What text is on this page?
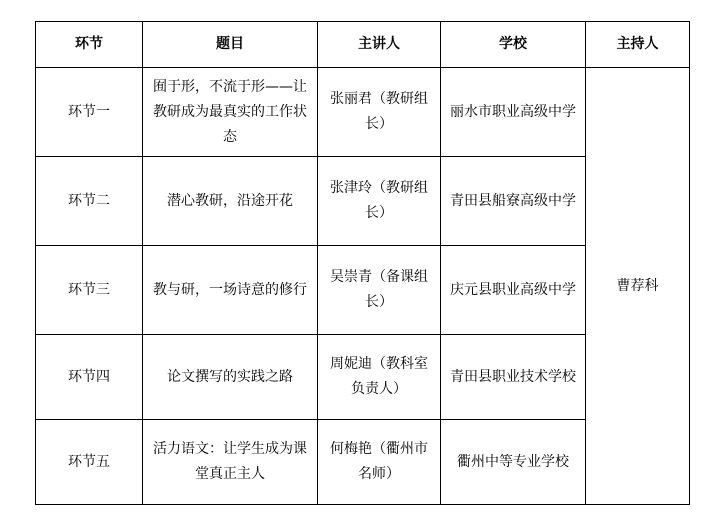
环节	题目	主讲人	学校	主持人
环节一	囿于形，不流于形——让教研成为最真实的工作状态	张丽君（教研组长）	丽水市职业高级中学	曹荐科
环节二	潜心教研，沿途开花	张津玲（教研组长）	青田县船寮高级中学	
环节三	教与研，一场诗意的修行	吴崇青（备课组长）	庆元县职业高级中学	
环节四	论文撰写的实践之路	周妮迪（教科室负责人）	青田县职业技术学校	
环节五	活力语文：让学生成为课堂真正主人	何梅艳（衢州市名师）	衢州中等专业学校	
